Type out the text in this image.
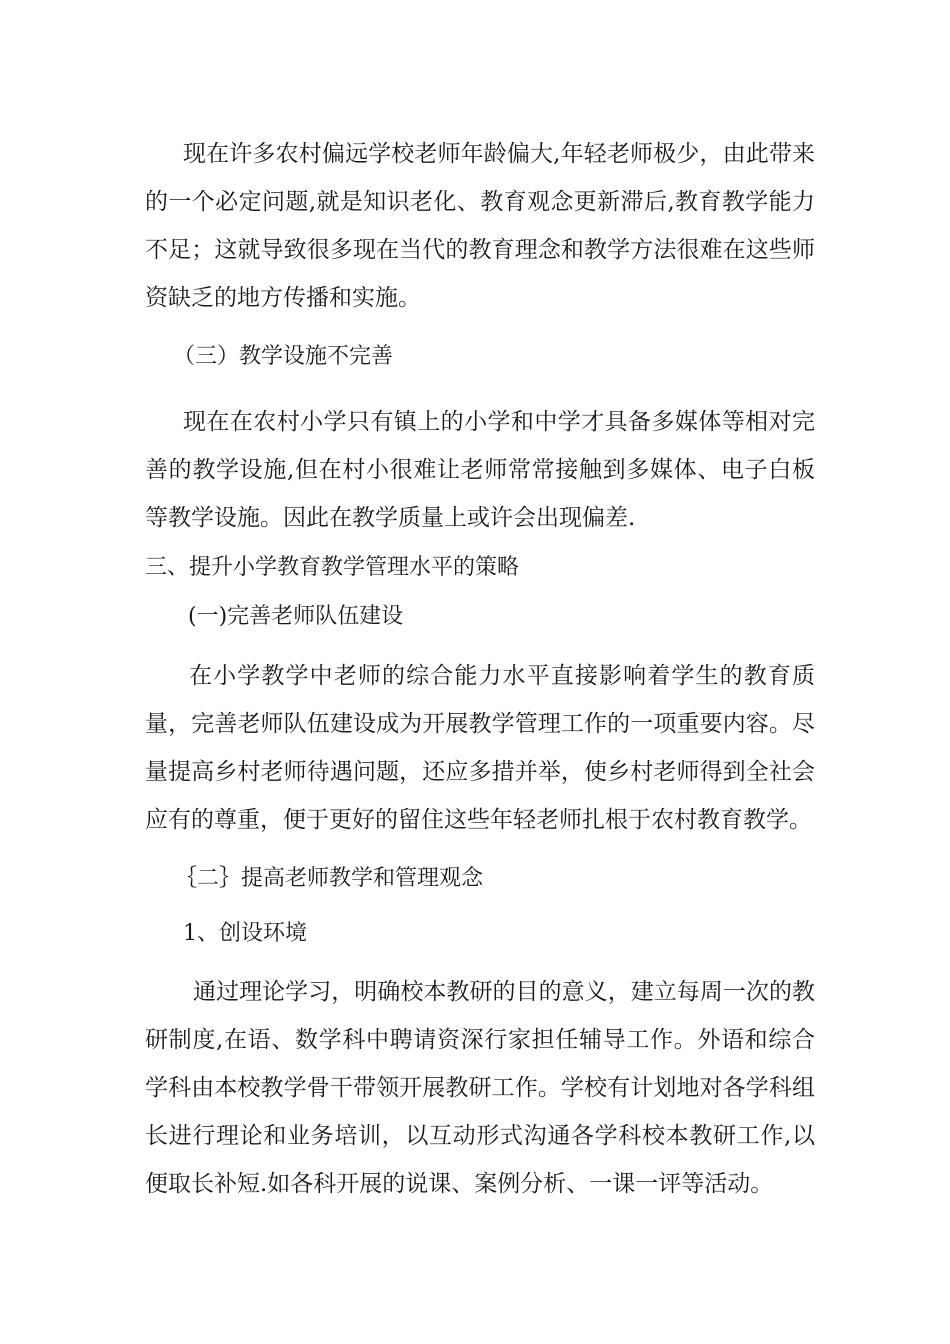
现在许多农村偏远学校老师年龄偏大,年轻老师极少，由此带来的一个必定问题,就是知识老化、教育观念更新滞后,教育教学能力不足；这就导致很多现在当代的教育理念和教学方法很难在这些师资缺乏的地方传播和实施。

（三）教学设施不完善

现在在农村小学只有镇上的小学和中学才具备多媒体等相对完善的教学设施,但在村小很难让老师常常接触到多媒体、电子白板等教学设施。因此在教学质量上或许会出现偏差.

三、提升小学教育教学管理水平的策略
(一)完善老师队伍建设

在小学教学中老师的综合能力水平直接影响着学生的教育质量，完善老师队伍建设成为开展教学管理工作的一项重要内容。尽量提高乡村老师待遇问题，还应多措并举，使乡村老师得到全社会应有的尊重，便于更好的留住这些年轻老师扎根于农村教育教学。

｛二｝提高老师教学和管理观念
1、创设环境

通过理论学习，明确校本教研的目的意义，建立每周一次的教研制度,在语、数学科中聘请资深行家担任辅导工作。外语和综合学科由本校教学骨干带领开展教研工作。学校有计划地对各学科组长进行理论和业务培训，以互动形式沟通各学科校本教研工作,以便取长补短.如各科开展的说课、案例分析、一课一评等活动。
